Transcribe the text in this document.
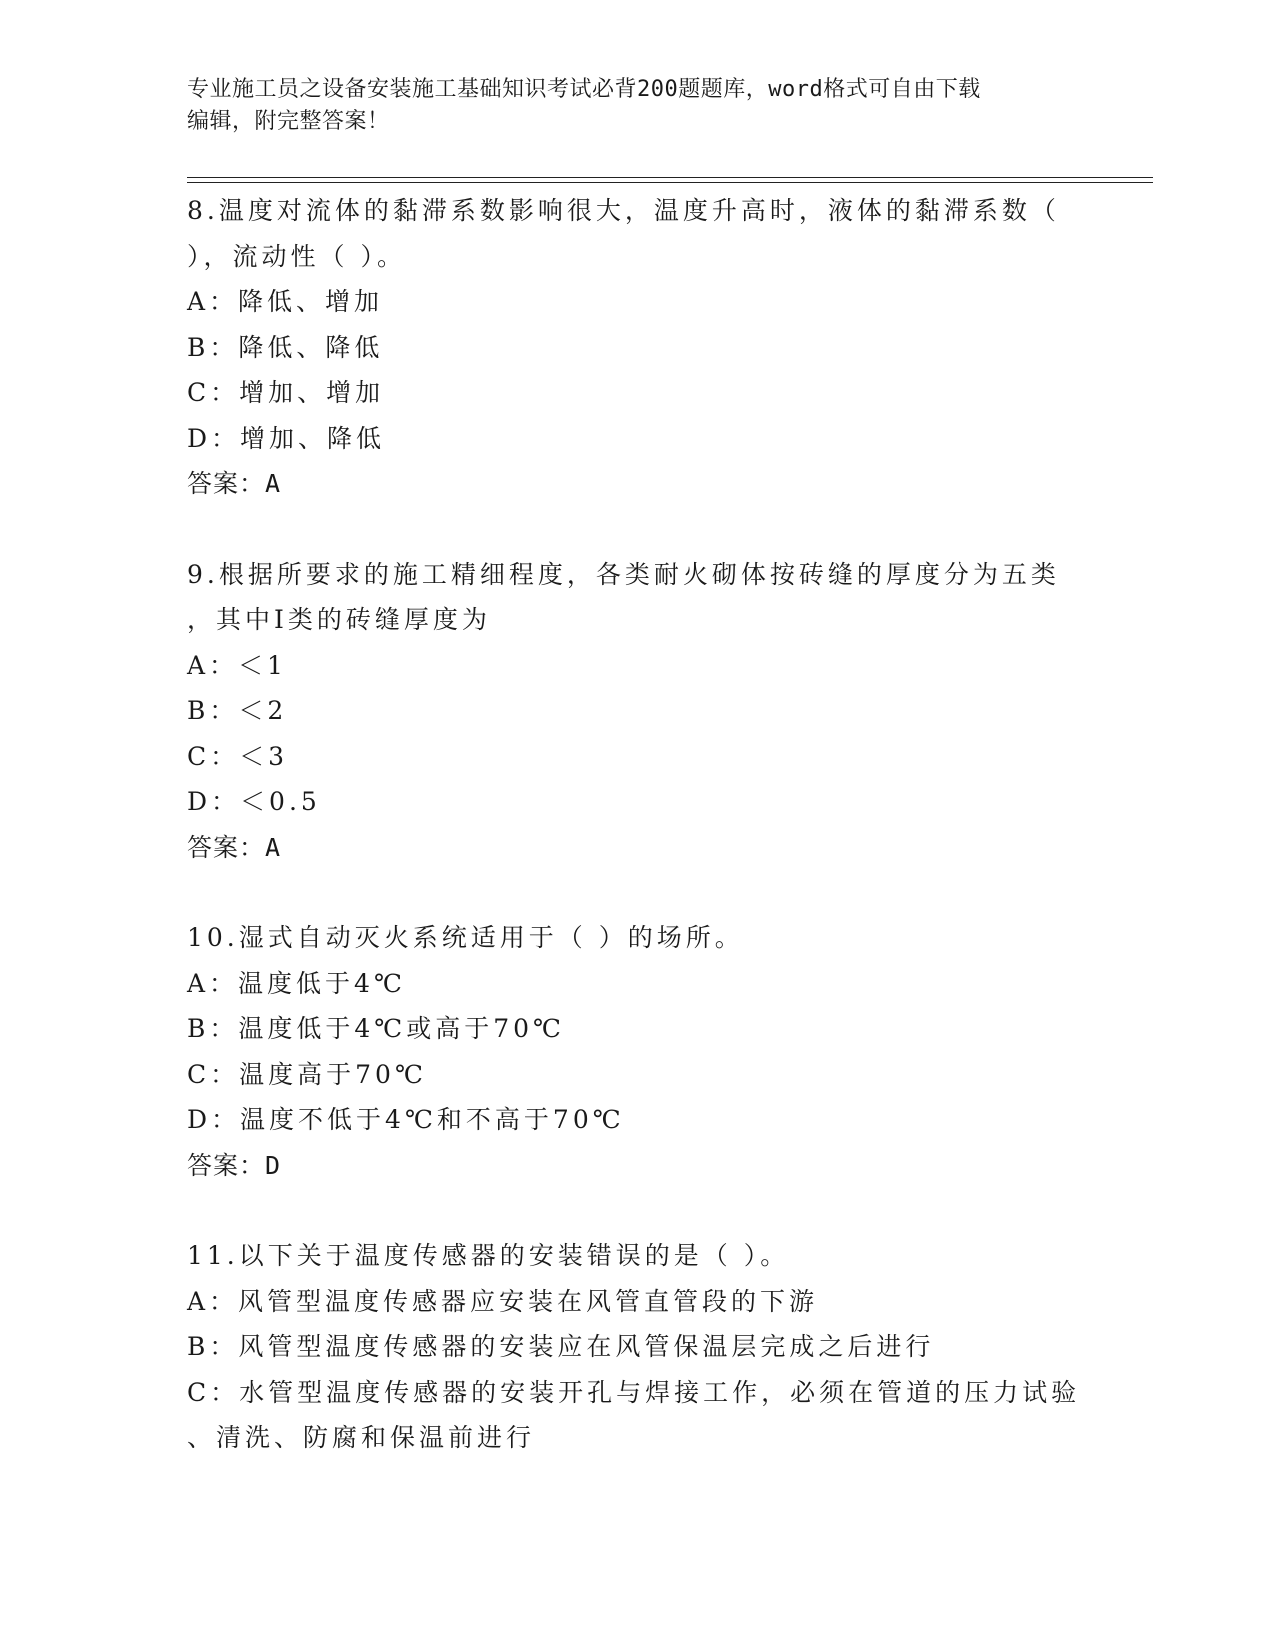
专业施工员之设备安装施工基础知识考试必背200题题库，word格式可自由下载
编辑，附完整答案！
8.温度对流体的黏滞系数影响很大，温度升高时，液体的黏滞系数（
），流动性（ ）。
A：降低、增加
B：降低、降低
C：增加、增加
D：增加、降低
答案：A
9.根据所要求的施工精细程度，各类耐火砌体按砖缝的厚度分为五类
，其中Ⅰ类的砖缝厚度为
A：＜1
B：＜2
C：＜3
D：＜0.5
答案：A
10.湿式自动灭火系统适用于（ ）的场所。
A：温度低于4℃
B：温度低于4℃或高于70℃
C：温度高于70℃
D：温度不低于4℃和不高于70℃
答案：D
11.以下关于温度传感器的安装错误的是（ ）。
A：风管型温度传感器应安装在风管直管段的下游
B：风管型温度传感器的安装应在风管保温层完成之后进行
C：水管型温度传感器的安装开孔与焊接工作，必须在管道的压力试验
、清洗、防腐和保温前进行
